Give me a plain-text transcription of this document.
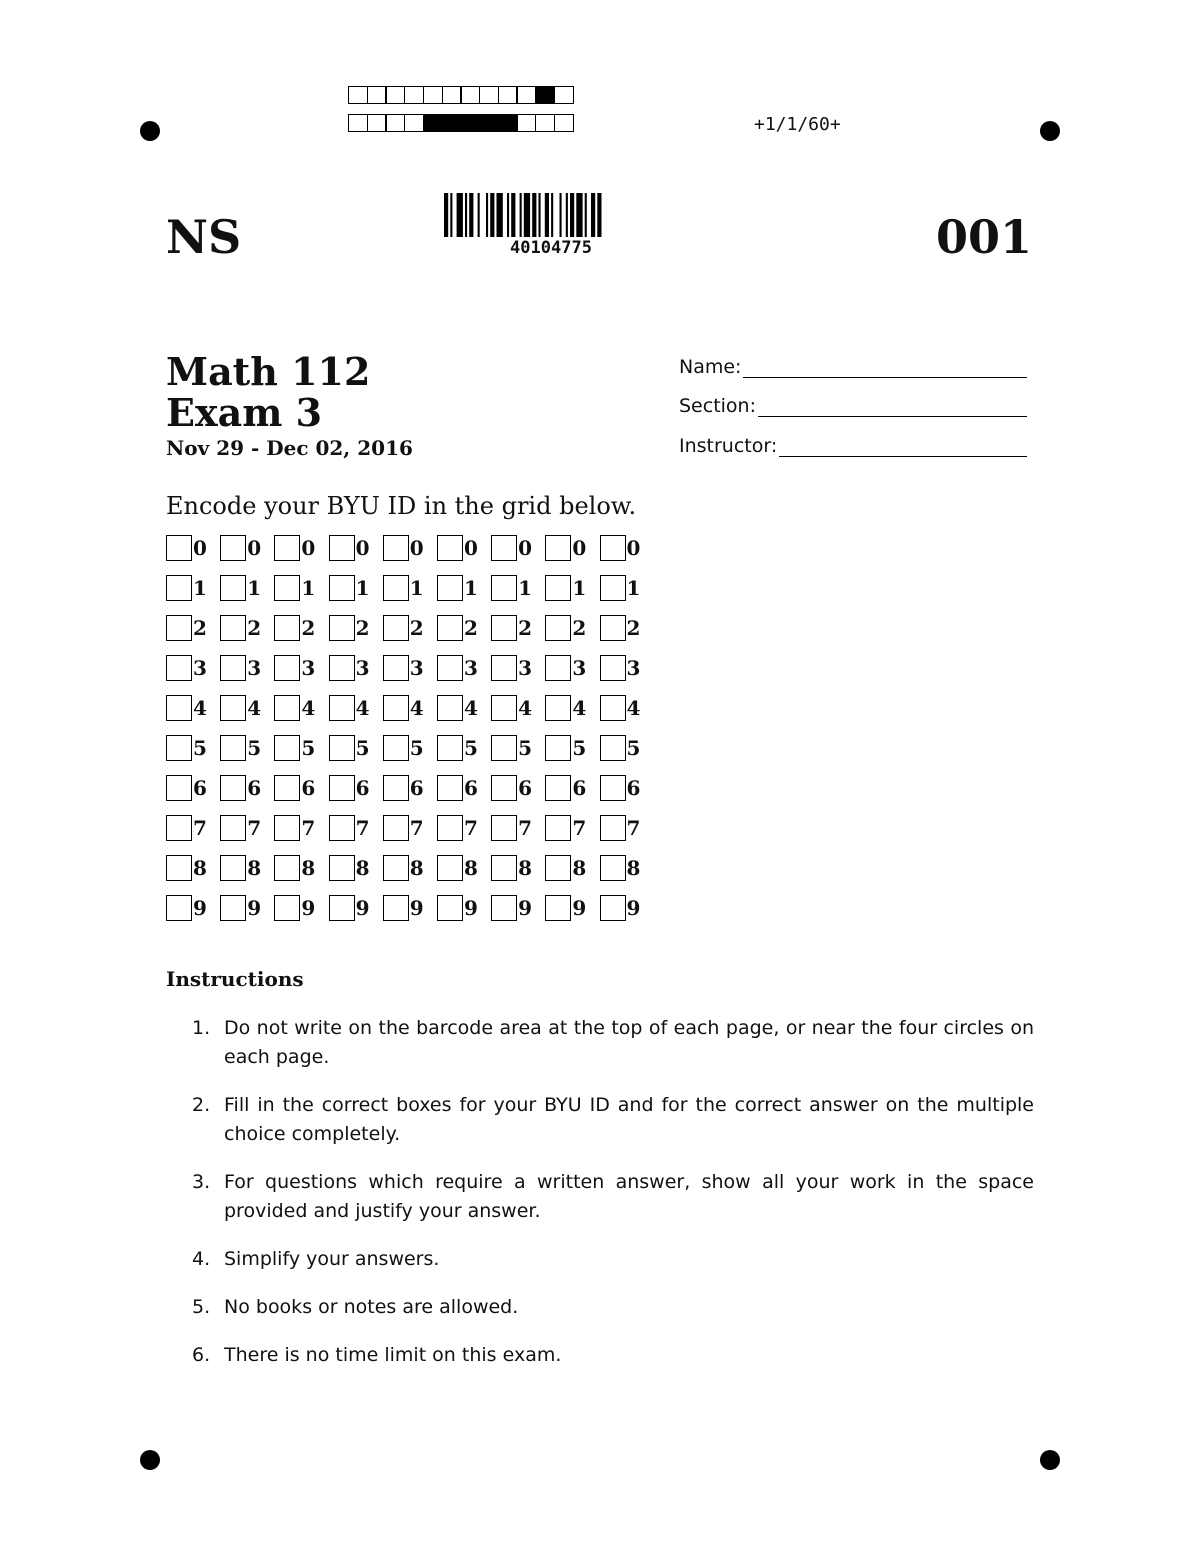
+1/1/60+
NS	40104775	001
Math 112
Exam 3
Nov 29 - Dec 02, 2016
Name:
Section:
Instructor:
Encode your BYU ID in the grid below.
0 0 0 0 0 0 0 0 0
1 1 1 1 1 1 1 1 1
2 2 2 2 2 2 2 2 2
3 3 3 3 3 3 3 3 3
4 4 4 4 4 4 4 4 4
5 5 5 5 5 5 5 5 5
6 6 6 6 6 6 6 6 6
7 7 7 7 7 7 7 7 7
8 8 8 8 8 8 8 8 8
9 9 9 9 9 9 9 9 9
Instructions
1. Do not write on the barcode area at the top of each page, or near the four circles on each page.
2. Fill in the correct boxes for your BYU ID and for the correct answer on the multiple choice completely.
3. For questions which require a written answer, show all your work in the space provided and justify your answer.
4. Simplify your answers.
5. No books or notes are allowed.
6. There is no time limit on this exam.
